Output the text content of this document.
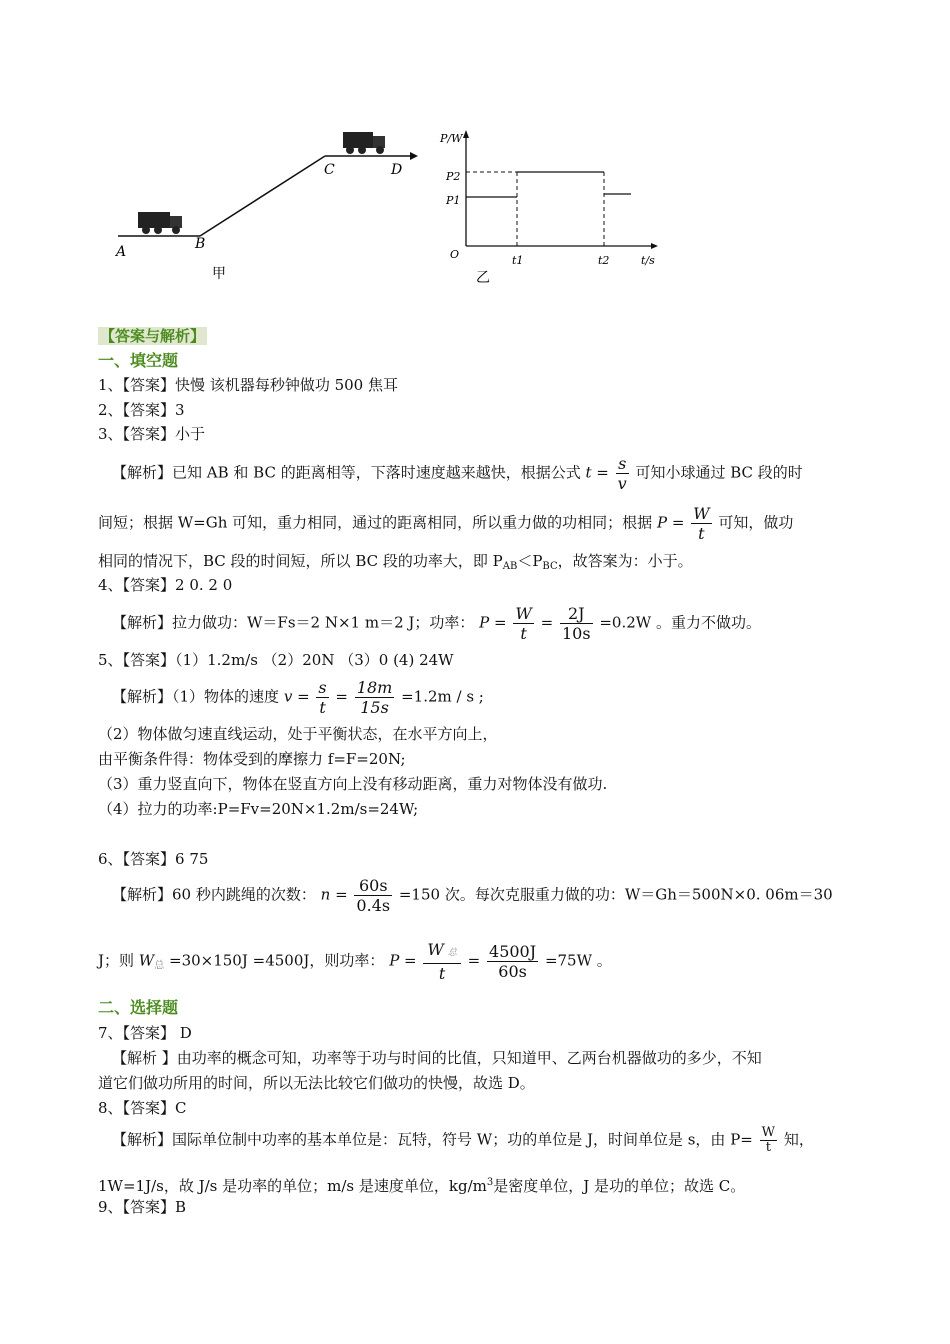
A	B
C	D
甲
P/W
P2
P1
O	t1	t2	t/s
乙
【答案与解析】
一、填空题
1、【答案】快慢 该机器每秒钟做功 500 焦耳
2、【答案】3
3、【答案】小于
【解析】已知 AB 和 BC 的距离相等，下落时速度越来越快，根据公式 $t = \frac{s}{v}$ 可知小球通过 BC 段的时
间短；根据 W=Gh 可知，重力相同，通过的距离相同，所以重力做的功相同；根据 $P = \frac{W}{t}$ 可知，做功
相同的情况下，BC 段的时间短，所以 BC 段的功率大，即 $P_{AB}<P_{BC}$，故答案为：小于。
4、【答案】2 0. 2 0
【解析】拉力做功：W＝Fs＝2 N×1 m＝2 J；功率： $P = \frac{W}{t} = \frac{2J}{10s} =0.2W$ 。重力不做功。
5、【答案】（1）1.2m/s （2）20N （3）0 (4) 24W
【解析】（1）物体的速度 $v = \frac{s}{t} = \frac{18m}{15s} =1.2m / s$ ;
（2）物体做匀速直线运动，处于平衡状态，在水平方向上，
由平衡条件得：物体受到的摩擦力 f=F=20N;
（3）重力竖直向下，物体在竖直方向上没有移动距离，重力对物体没有做功.
（4）拉力的功率:P=Fv=20N×1.2m/s=24W;
6、【答案】6 75
【解析】60 秒内跳绳的次数： $n = \frac{60s}{0.4s} =150$ 次。每次克服重力做的功：W＝Gh＝500N×0. 06m＝30
J；则 $W_总 =30\times 150J =4500J$，则功率： $P = \frac{\text{W 总}}{t} = \frac{4500J}{60s} =75W$ 。
二、选择题
7、【答案】 D
【解析 】由功率的概念可知，功率等于功与时间的比值，只知道甲、乙两台机器做功的多少，不知
道它们做功所用的时间，所以无法比较它们做功的快慢，故选 D。
8、【答案】C
【解析】国际单位制中功率的基本单位是：瓦特，符号 W；功的单位是 J，时间单位是 s，由 $P= \frac{W}{t}$ 知，
1W=1J/s，故 J/s 是功率的单位；m/s 是速度单位，$kg/m^3$是密度单位，J 是功的单位；故选 C。
9、【答案】B
